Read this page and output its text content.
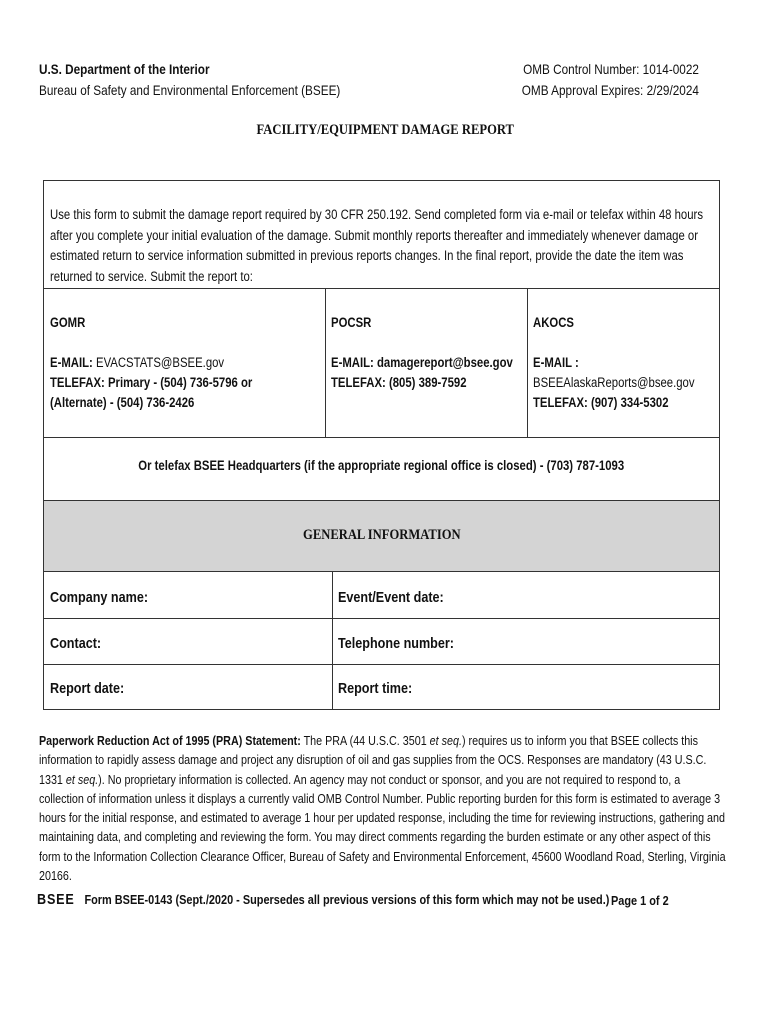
U.S. Department of the Interior
Bureau of Safety and Environmental Enforcement (BSEE)
OMB Control Number: 1014-0022
OMB Approval Expires: 2/29/2024
FACILITY/EQUIPMENT DAMAGE REPORT
Use this form to submit the damage report required by 30 CFR 250.192. Send completed form via e-mail or telefax within 48 hours after you complete your initial evaluation of the damage. Submit monthly reports thereafter and immediately whenever damage or estimated return to service information submitted in previous reports changes. In the final report, provide the date the item was returned to service. Submit the report to:
GOMR
E-MAIL: EVACSTATS@BSEE.gov
TELEFAX: Primary - (504) 736-5796 or
(Alternate) - (504) 736-2426
POCSR
E-MAIL: damagereport@bsee.gov
TELEFAX: (805) 389-7592
AKOCS
E-MAIL :
BSEEAlaskaReports@bsee.gov
TELEFAX: (907) 334-5302
Or telefax BSEE Headquarters (if the appropriate regional office is closed) - (703) 787-1093
GENERAL INFORMATION
Company name:	Event/Event date:
Contact:	Telephone number:
Report date:	Report time:
Paperwork Reduction Act of 1995 (PRA) Statement: The PRA (44 U.S.C. 3501 et seq.) requires us to inform you that BSEE collects this information to rapidly assess damage and project any disruption of oil and gas supplies from the OCS. Responses are mandatory (43 U.S.C. 1331 et seq.). No proprietary information is collected. An agency may not conduct or sponsor, and you are not required to respond to, a collection of information unless it displays a currently valid OMB Control Number. Public reporting burden for this form is estimated to average 3 hours for the initial response, and estimated to average 1 hour per updated response, including the time for reviewing instructions, gathering and maintaining data, and completing and reviewing the form. You may direct comments regarding the burden estimate or any other aspect of this form to the Information Collection Clearance Officer, Bureau of Safety and Environmental Enforcement, 45600 Woodland Road, Sterling, Virginia 20166.
BSEE Form BSEE-0143 (Sept./2020 - Supersedes all previous versions of this form which may not be used.) Page 1 of 2
